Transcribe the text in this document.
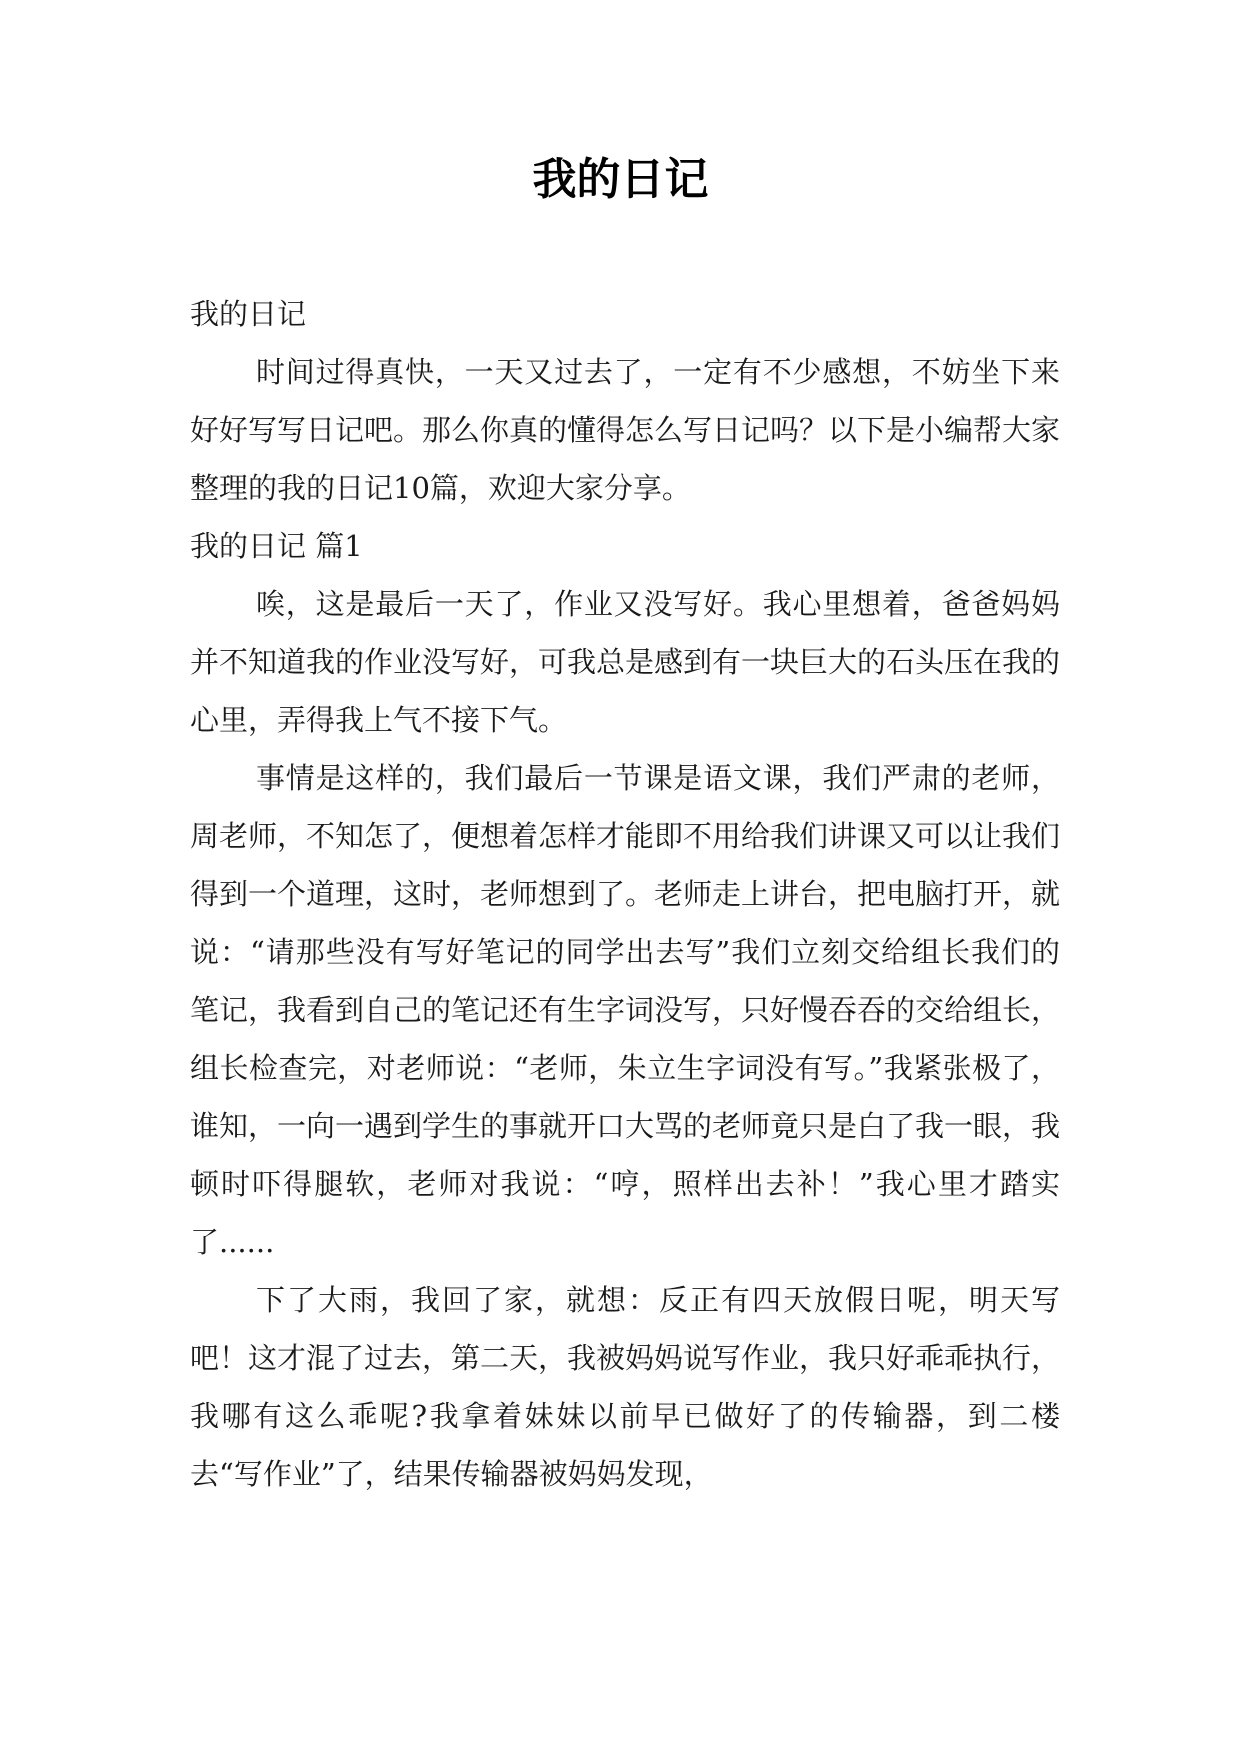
我的日记

我的日记

时间过得真快，一天又过去了，一定有不少感想，不妨坐下来好好写写日记吧。那么你真的懂得怎么写日记吗？以下是小编帮大家整理的我的日记10篇，欢迎大家分享。

我的日记 篇1

唉，这是最后一天了，作业又没写好。我心里想着，爸爸妈妈并不知道我的作业没写好，可我总是感到有一块巨大的石头压在我的心里，弄得我上气不接下气。

事情是这样的，我们最后一节课是语文课，我们严肃的老师，周老师，不知怎了，便想着怎样才能即不用给我们讲课又可以让我们得到一个道理，这时，老师想到了。老师走上讲台，把电脑打开，就说：“请那些没有写好笔记的同学出去写”我们立刻交给组长我们的笔记，我看到自己的笔记还有生字词没写，只好慢吞吞的交给组长，组长检查完，对老师说：“老师，朱立生字词没有写。”我紧张极了，谁知，一向一遇到学生的事就开口大骂的老师竟只是白了我一眼，我顿时吓得腿软，老师对我说：“哼，照样出去补！”我心里才踏实了......

下了大雨，我回了家，就想：反正有四天放假日呢，明天写吧！这才混了过去，第二天，我被妈妈说写作业，我只好乖乖执行，我哪有这么乖呢?我拿着妹妹以前早已做好了的传输器，到二楼去“写作业”了，结果传输器被妈妈发现，
